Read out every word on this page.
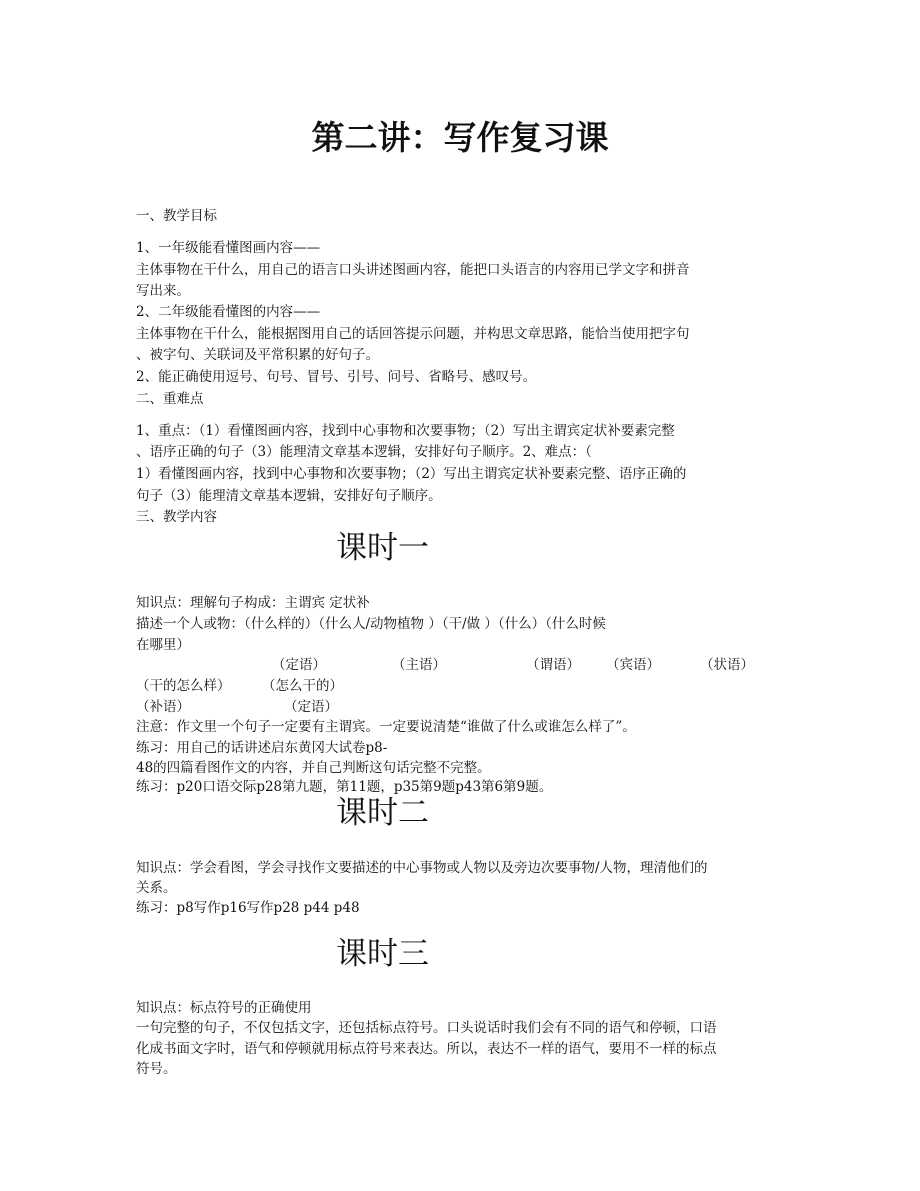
第二讲：写作复习课
一、教学目标
1、一年级能看懂图画内容——
主体事物在干什么，用自己的语言口头讲述图画内容，能把口头语言的内容用已学文字和拼音
写出来。
2、二年级能看懂图的内容——
主体事物在干什么，能根据图用自己的话回答提示问题，并构思文章思路，能恰当使用把字句
、被字句、关联词及平常积累的好句子。
2、能正确使用逗号、句号、冒号、引号、问号、省略号、感叹号。
二、重难点
1、重点：（1）看懂图画内容，找到中心事物和次要事物；（2）写出主谓宾定状补要素完整
、语序正确的句子（3）能理清文章基本逻辑，安排好句子顺序。2、难点：（
1）看懂图画内容，找到中心事物和次要事物；（2）写出主谓宾定状补要素完整、语序正确的
句子（3）能理清文章基本逻辑，安排好句子顺序。
三、教学内容
课时一
知识点：理解句子构成：主谓宾 定状补
描述一个人或物：（什么样的）（什么人/动物植物 ）（干/做 ）（什么）（什么时候
在哪里）
（定语）	（主语）	（谓语） （宾语）	（状语）
（干的怎么样） （怎么干的）
（补语）	（定语）
注意：作文里一个句子一定要有主谓宾。一定要说清楚“谁做了什么或谁怎么样了”。
练习：用自己的话讲述启东黄冈大试卷p8-
48的四篇看图作文的内容，并自己判断这句话完整不完整。
练习：p20口语交际p28第九题，第11题，p35第9题p43第6第9题。
课时二
知识点：学会看图，学会寻找作文要描述的中心事物或人物以及旁边次要事物/人物，理清他们的
关系。
练习：p8写作p16写作p28 p44 p48
课时三
知识点：标点符号的正确使用
一句完整的句子，不仅包括文字，还包括标点符号。口头说话时我们会有不同的语气和停顿，口语
化成书面文字时，语气和停顿就用标点符号来表达。所以，表达不一样的语气，要用不一样的标点
符号。
